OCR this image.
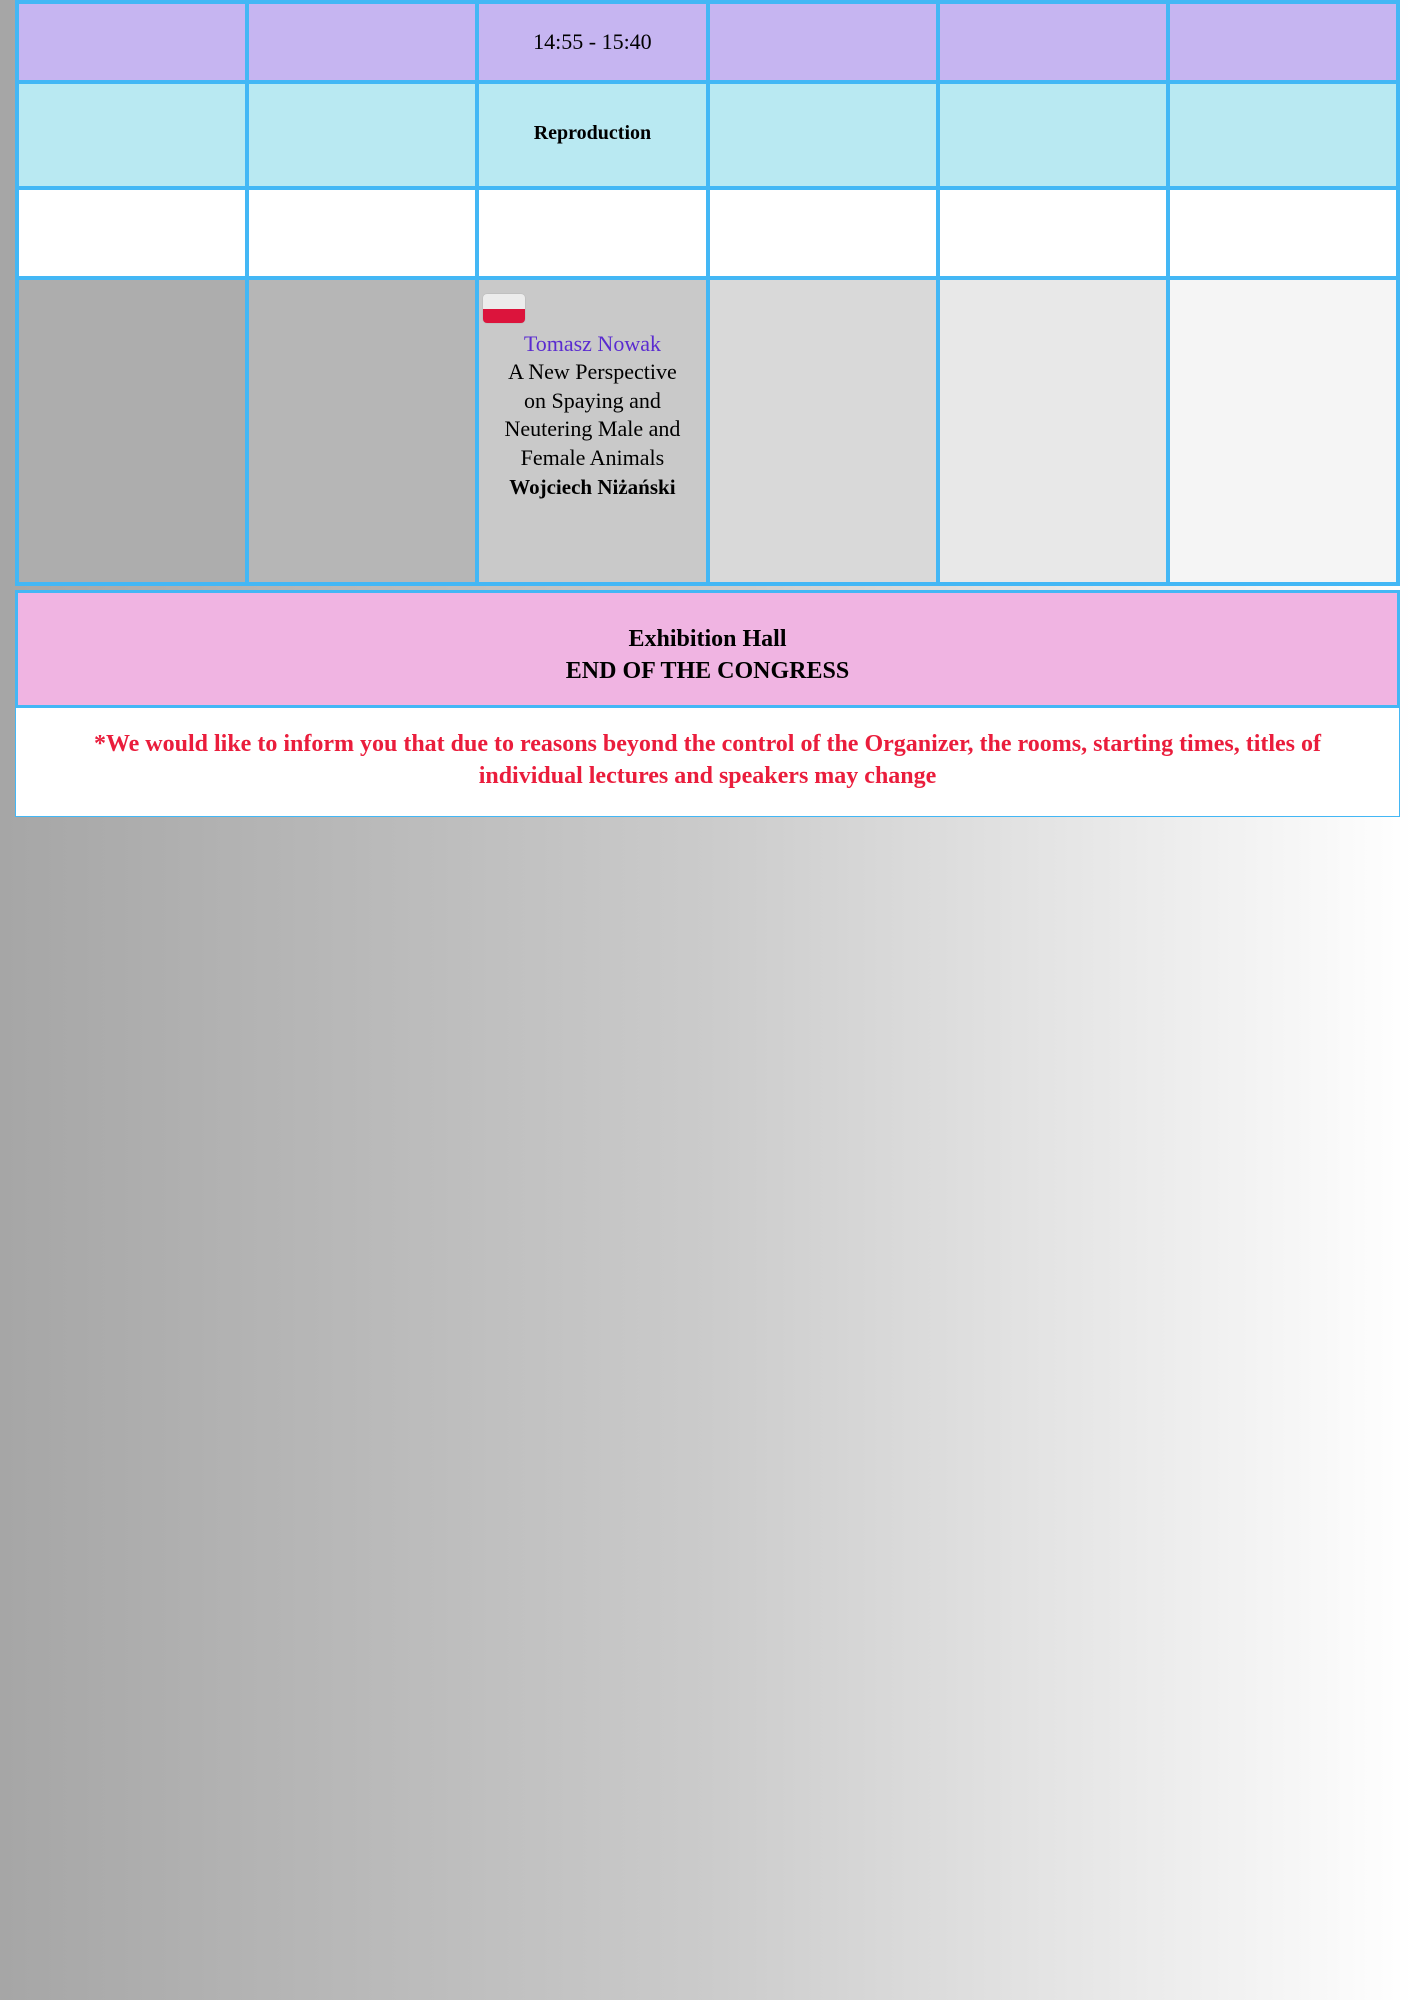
14:55 - 15:40
Reproduction
Tomasz Nowak
A New Perspective on Spaying and Neutering Male and Female Animals
Wojciech Niżański
Exhibition Hall
END OF THE CONGRESS
*We would like to inform you that due to reasons beyond the control of the Organizer, the rooms, starting times, titles of individual lectures and speakers may change
